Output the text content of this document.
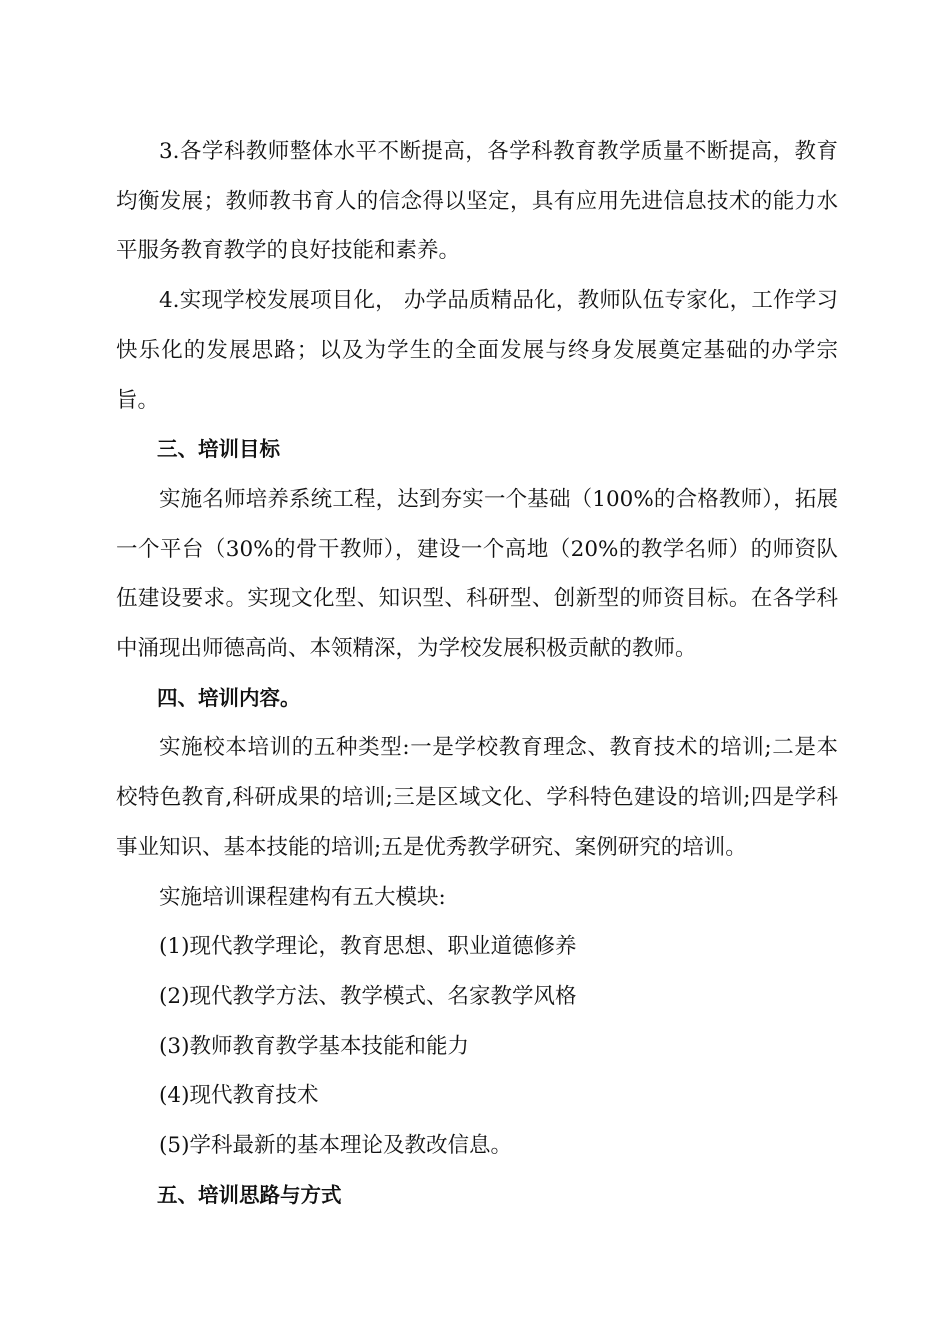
3.各学科教师整体水平不断提高，各学科教育教学质量不断提高，教育均衡发展；教师教书育人的信念得以坚定，具有应用先进信息技术的能力水平服务教育教学的良好技能和素养。

4.实现学校发展项目化， 办学品质精品化，教师队伍专家化，工作学习快乐化的发展思路；以及为学生的全面发展与终身发展奠定基础的办学宗旨。

三、培训目标

实施名师培养系统工程，达到夯实一个基础（100%的合格教师），拓展一个平台（30%的骨干教师），建设一个高地（20%的教学名师）的师资队伍建设要求。实现文化型、知识型、科研型、创新型的师资目标。在各学科中涌现出师德高尚、本领精深，为学校发展积极贡献的教师。

四、培训内容。

实施校本培训的五种类型:一是学校教育理念、教育技术的培训;二是本校特色教育,科研成果的培训;三是区域文化、学科特色建设的培训;四是学科事业知识、基本技能的培训;五是优秀教学研究、案例研究的培训。

实施培训课程建构有五大模块:

(1)现代教学理论，教育思想、职业道德修养

(2)现代教学方法、教学模式、名家教学风格

(3)教师教育教学基本技能和能力

(4)现代教育技术

(5)学科最新的基本理论及教改信息。

五、培训思路与方式
